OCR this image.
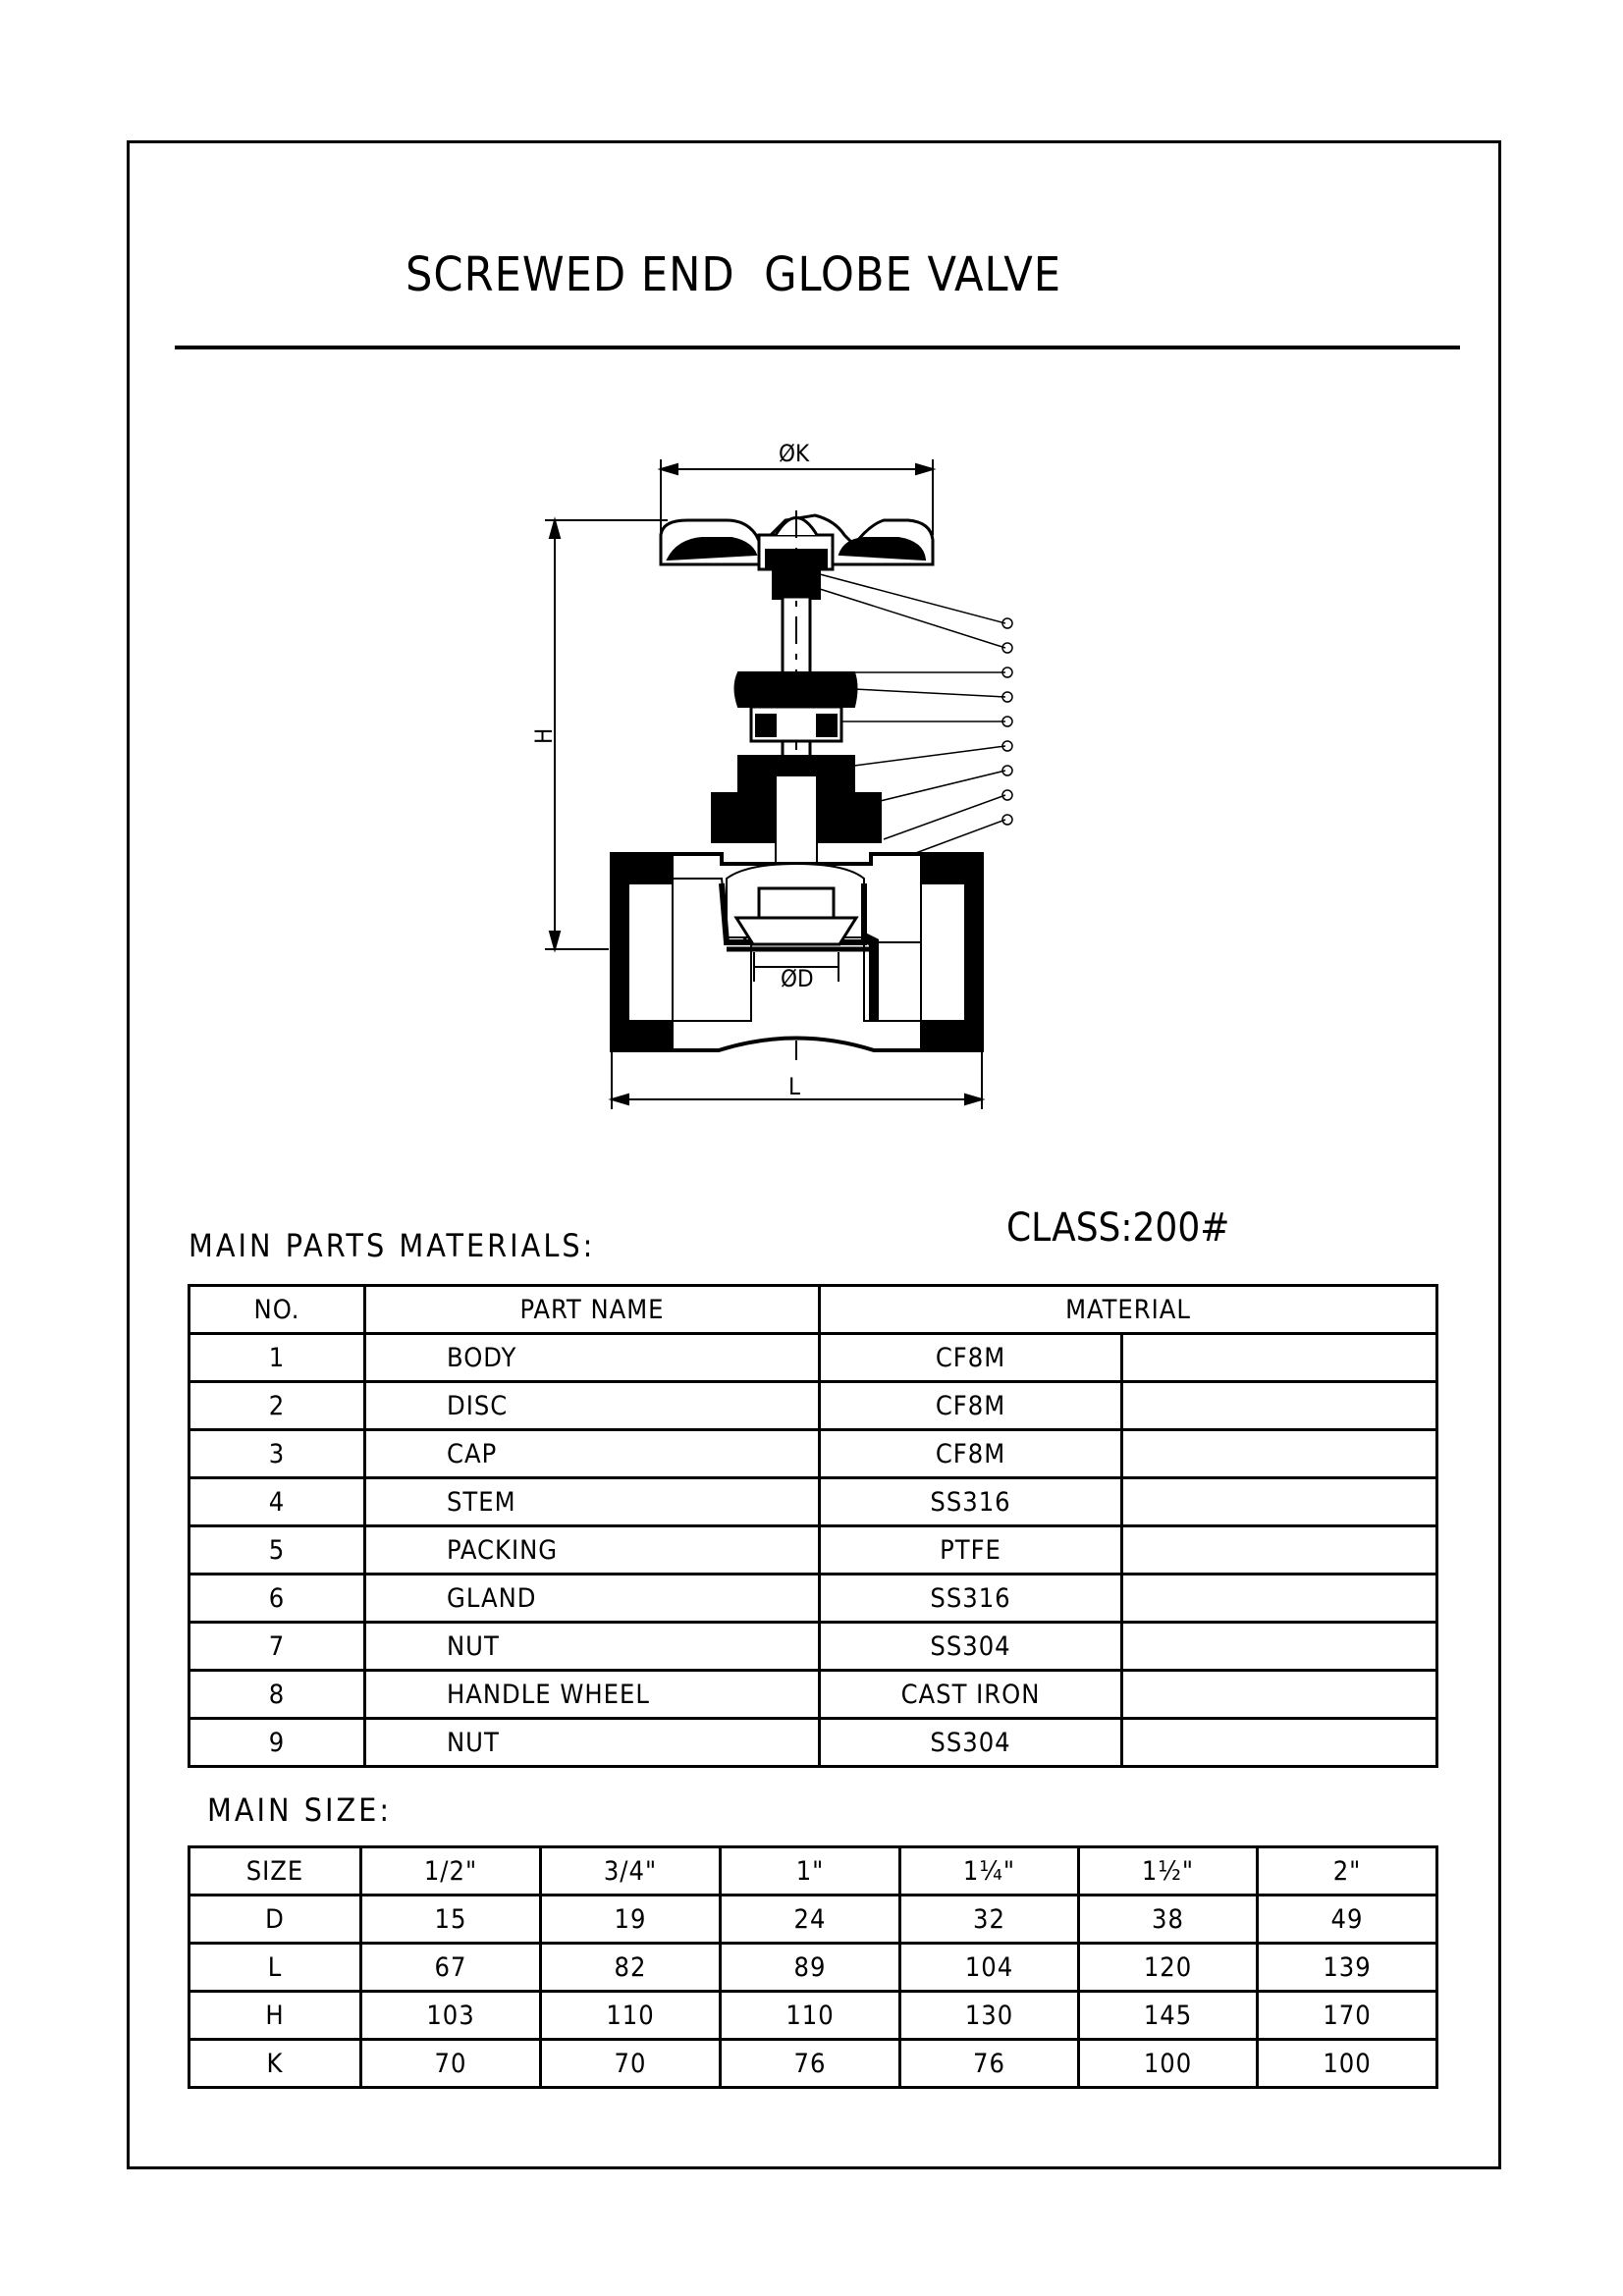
SCREWED END  GLOBE VALVE
ØK
H
ØD
L
MAIN PARTS MATERIALS:	CLASS:200#
NO.	PART NAME	MATERIAL	
1	BODY	CF8M	
2	DISC	CF8M	
3	CAP	CF8M	
4	STEM	SS316	
5	PACKING	PTFE	
6	GLAND	SS316	
7	NUT	SS304	
8	HANDLE WHEEL	CAST IRON	
9	NUT	SS304	
MAIN SIZE:
SIZE	1/2"	3/4"	1"	1¼"	1½"	2"
D	15	19	24	32	38	49
L	67	82	89	104	120	139
H	103	110	110	130	145	170
K	70	70	76	76	100	100
